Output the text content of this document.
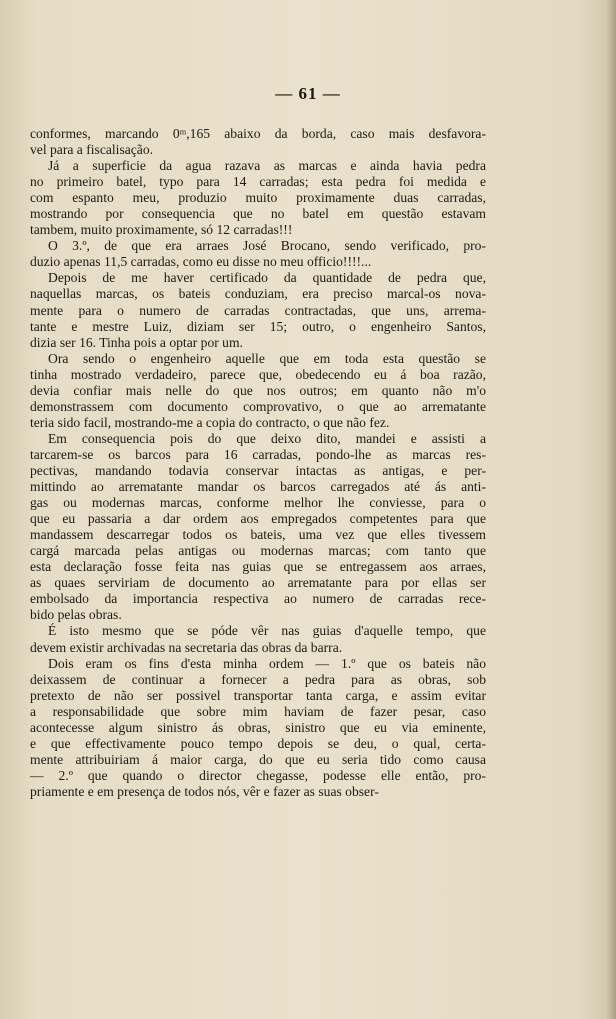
— 61 —
conformes, marcando 0ᵐ,165 abaixo da borda, caso mais desfavora-
vel para a fiscalisação.
Já a superficie da agua razava as marcas e ainda havia pedra
no primeiro batel, typo para 14 carradas; esta pedra foi medida e
com espanto meu, produzio muito proximamente duas carradas,
mostrando por consequencia que no batel em questão estavam
tambem, muito proximamente, só 12 carradas!!!
O 3.º, de que era arraes José Brocano, sendo verificado, pro-
duzio apenas 11,5 carradas, como eu disse no meu officio!!!!...
Depois de me haver certificado da quantidade de pedra que,
naquellas marcas, os bateis conduziam, era preciso marcal-os nova-
mente para o numero de carradas contractadas, que uns, arrema-
tante e mestre Luiz, diziam ser 15; outro, o engenheiro Santos,
dizia ser 16. Tinha pois a optar por um.
Ora sendo o engenheiro aquelle que em toda esta questão se
tinha mostrado verdadeiro, parece que, obedecendo eu á boa razão,
devia confiar mais nelle do que nos outros; em quanto não m'o
demonstrassem com documento comprovativo, o que ao arrematante
teria sido facil, mostrando-me a copia do contracto, o que não fez.
Em consequencia pois do que deixo dito, mandei e assisti a
tarcarem-se os barcos para 16 carradas, pondo-lhe as marcas res-
pectivas, mandando todavia conservar intactas as antigas, e per-
mittindo ao arrematante mandar os barcos carregados até ás anti-
gas ou modernas marcas, conforme melhor lhe conviesse, para o
que eu passaria a dar ordem aos empregados competentes para que
mandassem descarregar todos os bateis, uma vez que elles tivessem
cargá marcada pelas antigas ou modernas marcas; com tanto que
esta declaração fosse feita nas guias que se entregassem aos arraes,
as quaes serviriam de documento ao arrematante para por ellas ser
embolsado da importancia respectiva ao numero de carradas rece-
bido pelas obras.
É isto mesmo que se póde vêr nas guias d'aquelle tempo, que
devem existir archivadas na secretaria das obras da barra.
Dois eram os fins d'esta minha ordem — 1.º que os bateis não
deixassem de continuar a fornecer a pedra para as obras, sob
pretexto de não ser possivel transportar tanta carga, e assim evitar
a responsabilidade que sobre mim haviam de fazer pesar, caso
acontecesse algum sinistro ás obras, sinistro que eu via eminente,
e que effectivamente pouco tempo depois se deu, o qual, certa-
mente attribuiriam á maior carga, do que eu seria tido como causa
— 2.º que quando o director chegasse, podesse elle então, pro-
priamente e em presença de todos nós, vêr e fazer as suas obser-
